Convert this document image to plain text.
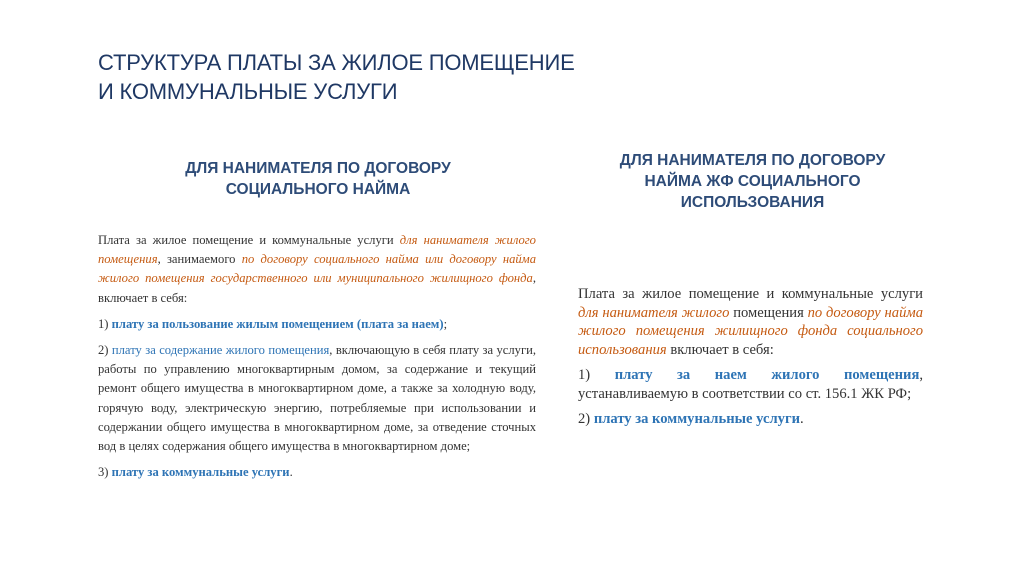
СТРУКТУРА ПЛАТЫ ЗА ЖИЛОЕ ПОМЕЩЕНИЕ
И КОММУНАЛЬНЫЕ УСЛУГИ
ДЛЯ НАНИМАТЕЛЯ ПО ДОГОВОРУ
СОЦИАЛЬНОГО НАЙМА
ДЛЯ НАНИМАТЕЛЯ ПО ДОГОВОРУ
НАЙМА ЖФ СОЦИАЛЬНОГО
ИСПОЛЬЗОВАНИЯ

Плата за жилое помещение и коммунальные услуги для нанимателя жилого помещения, занимаемого по договору социального найма или договору найма жилого помещения государственного или муниципального жилищного фонда, включает в себя:

1) плату за пользование жилым помещением (плата за наем);

2) плату за содержание жилого помещения, включающую в себя плату за услуги, работы по управлению многоквартирным домом, за содержание и текущий ремонт общего имущества в многоквартирном доме, а также за холодную воду, горячую воду, электрическую энергию, потребляемые при использовании и содержании общего имущества в многоквартирном доме, за отведение сточных вод в целях содержания общего имущества в многоквартирном доме;

3) плату за коммунальные услуги.

Плата за жилое помещение и коммунальные услуги для нанимателя жилого помещения по договору найма жилого помещения жилищного фонда социального использования включает в себя:

1) плату за наем жилого помещения, устанавливаемую в соответствии со ст. 156.1 ЖК РФ;

2) плату за коммунальные услуги.
